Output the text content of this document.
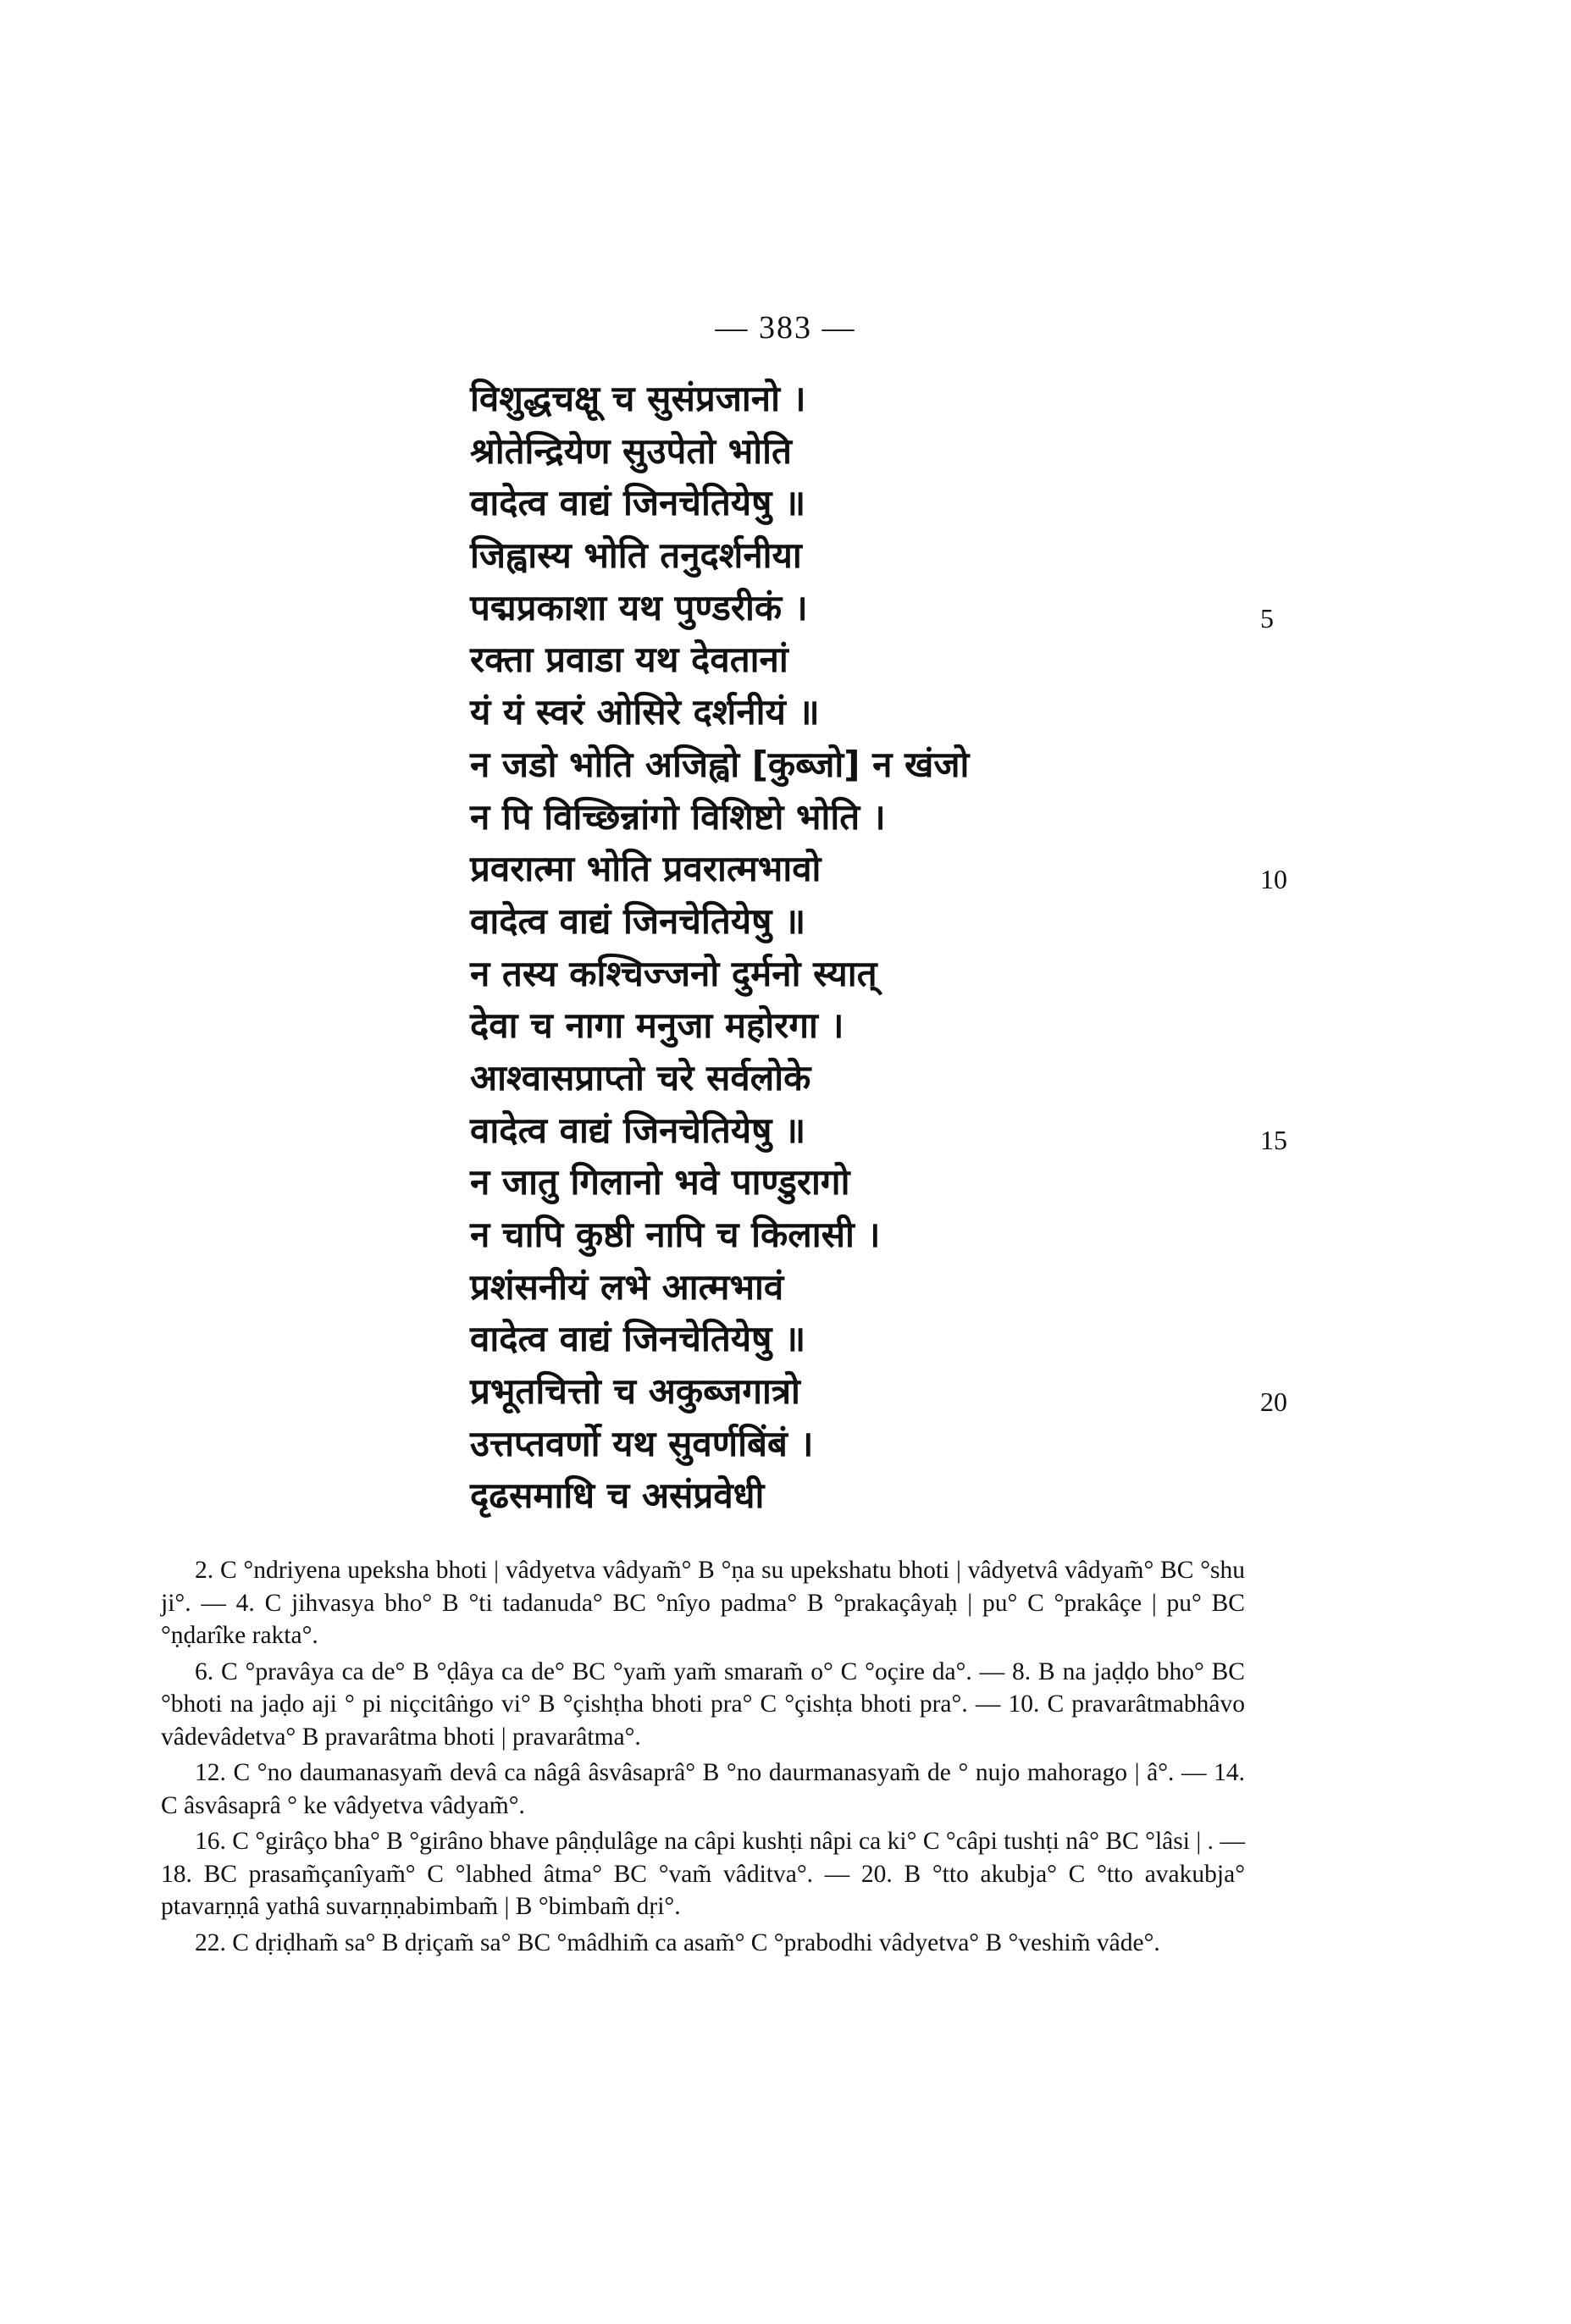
— 383 —
विशुद्धचक्षू च सुसंप्रजानो ।
श्रोतेन्द्रियेण सुउपेतो भोति
वादेत्व वाद्यं जिनचेतियेषु ॥
जिह्वास्य भोति तनुदर्शनीया
पद्मप्रकाशा यथ पुण्डरीकं ।
रक्ता प्रवाडा यथ देवतानां
यं यं स्वरं ओसिरे दर्शनीयं ॥
न जडो भोति अजिह्वो [कुब्जो] न खंजो
न पि विच्छिन्नांगो विशिष्टो भोति ।
प्रवरात्मा भोति प्रवरात्मभावो
वादेत्व वाद्यं जिनचेतियेषु ॥
न तस्य कश्चिज्जनो दुर्मनो स्यात्
देवा च नागा मनुजा महोरगा ।
आश्वासप्राप्तो चरे सर्वलोके
वादेत्व वाद्यं जिनचेतियेषु ॥
न जातु गिलानो भवे पाण्डुरागो
न चापि कुष्ठी नापि च किलासी ।
प्रशंसनीयं लभे आत्मभावं
वादेत्व वाद्यं जिनचेतियेषु ॥
प्रभूतचित्तो च अकुब्जगात्रो
उत्तप्तवर्णो यथ सुवर्णबिंबं ।
दृढसमाधि च असंप्रवेधी
5
10
15
20

2. C °ndriyena upeksha bhoti | vâdyetva vâdyam̃° B °ṇa su upekshatu bhoti | vâdyetvâ vâdyam̃° BC °shu ji°. — 4. C jihvasya bho° B °ti tadanuda° BC °nîyo padma° B °prakaçâyaḥ | pu° C °prakâçe | pu° BC °ṇḍarîke rakta°.

6. C °pravâya ca de° B °ḍâya ca de° BC °yam̃ yam̃ smaram̃ o° C °oçire da°. — 8. B na jaḍḍo bho° BC °bhoti na jaḍo aji ° pi niçcitâṅgo vi° B °çishṭha bhoti pra° C °çishṭa bhoti pra°. — 10. C pravarâtmabhâvo vâdevâdetva° B pravarâtma bhoti | pravarâtma°.

12. C °no daumanasyam̃ devâ ca nâgâ âsvâsaprâ° B °no daurmanasyam̃ de ° nujo mahorago | â°. — 14. C âsvâsaprâ ° ke vâdyetva vâdyam̃°.

16. C °girâço bha° B °girâno bhave pâṇḍulâge na câpi kushṭi nâpi ca ki° C °câpi tushṭi nâ° BC °lâsi | . — 18. BC prasam̃çanîyam̃° C °labhed âtma° BC °vam̃ vâditva°. — 20. B °tto akubja° C °tto avakubja° ptavarṇṇâ yathâ suvarṇṇabimbam̃ | B °bimbam̃ dṛi°.

22. C dṛiḍham̃ sa° B dṛiçam̃ sa° BC °mâdhim̃ ca asam̃° C °prabodhi vâdyetva° B °veshim̃ vâde°.
